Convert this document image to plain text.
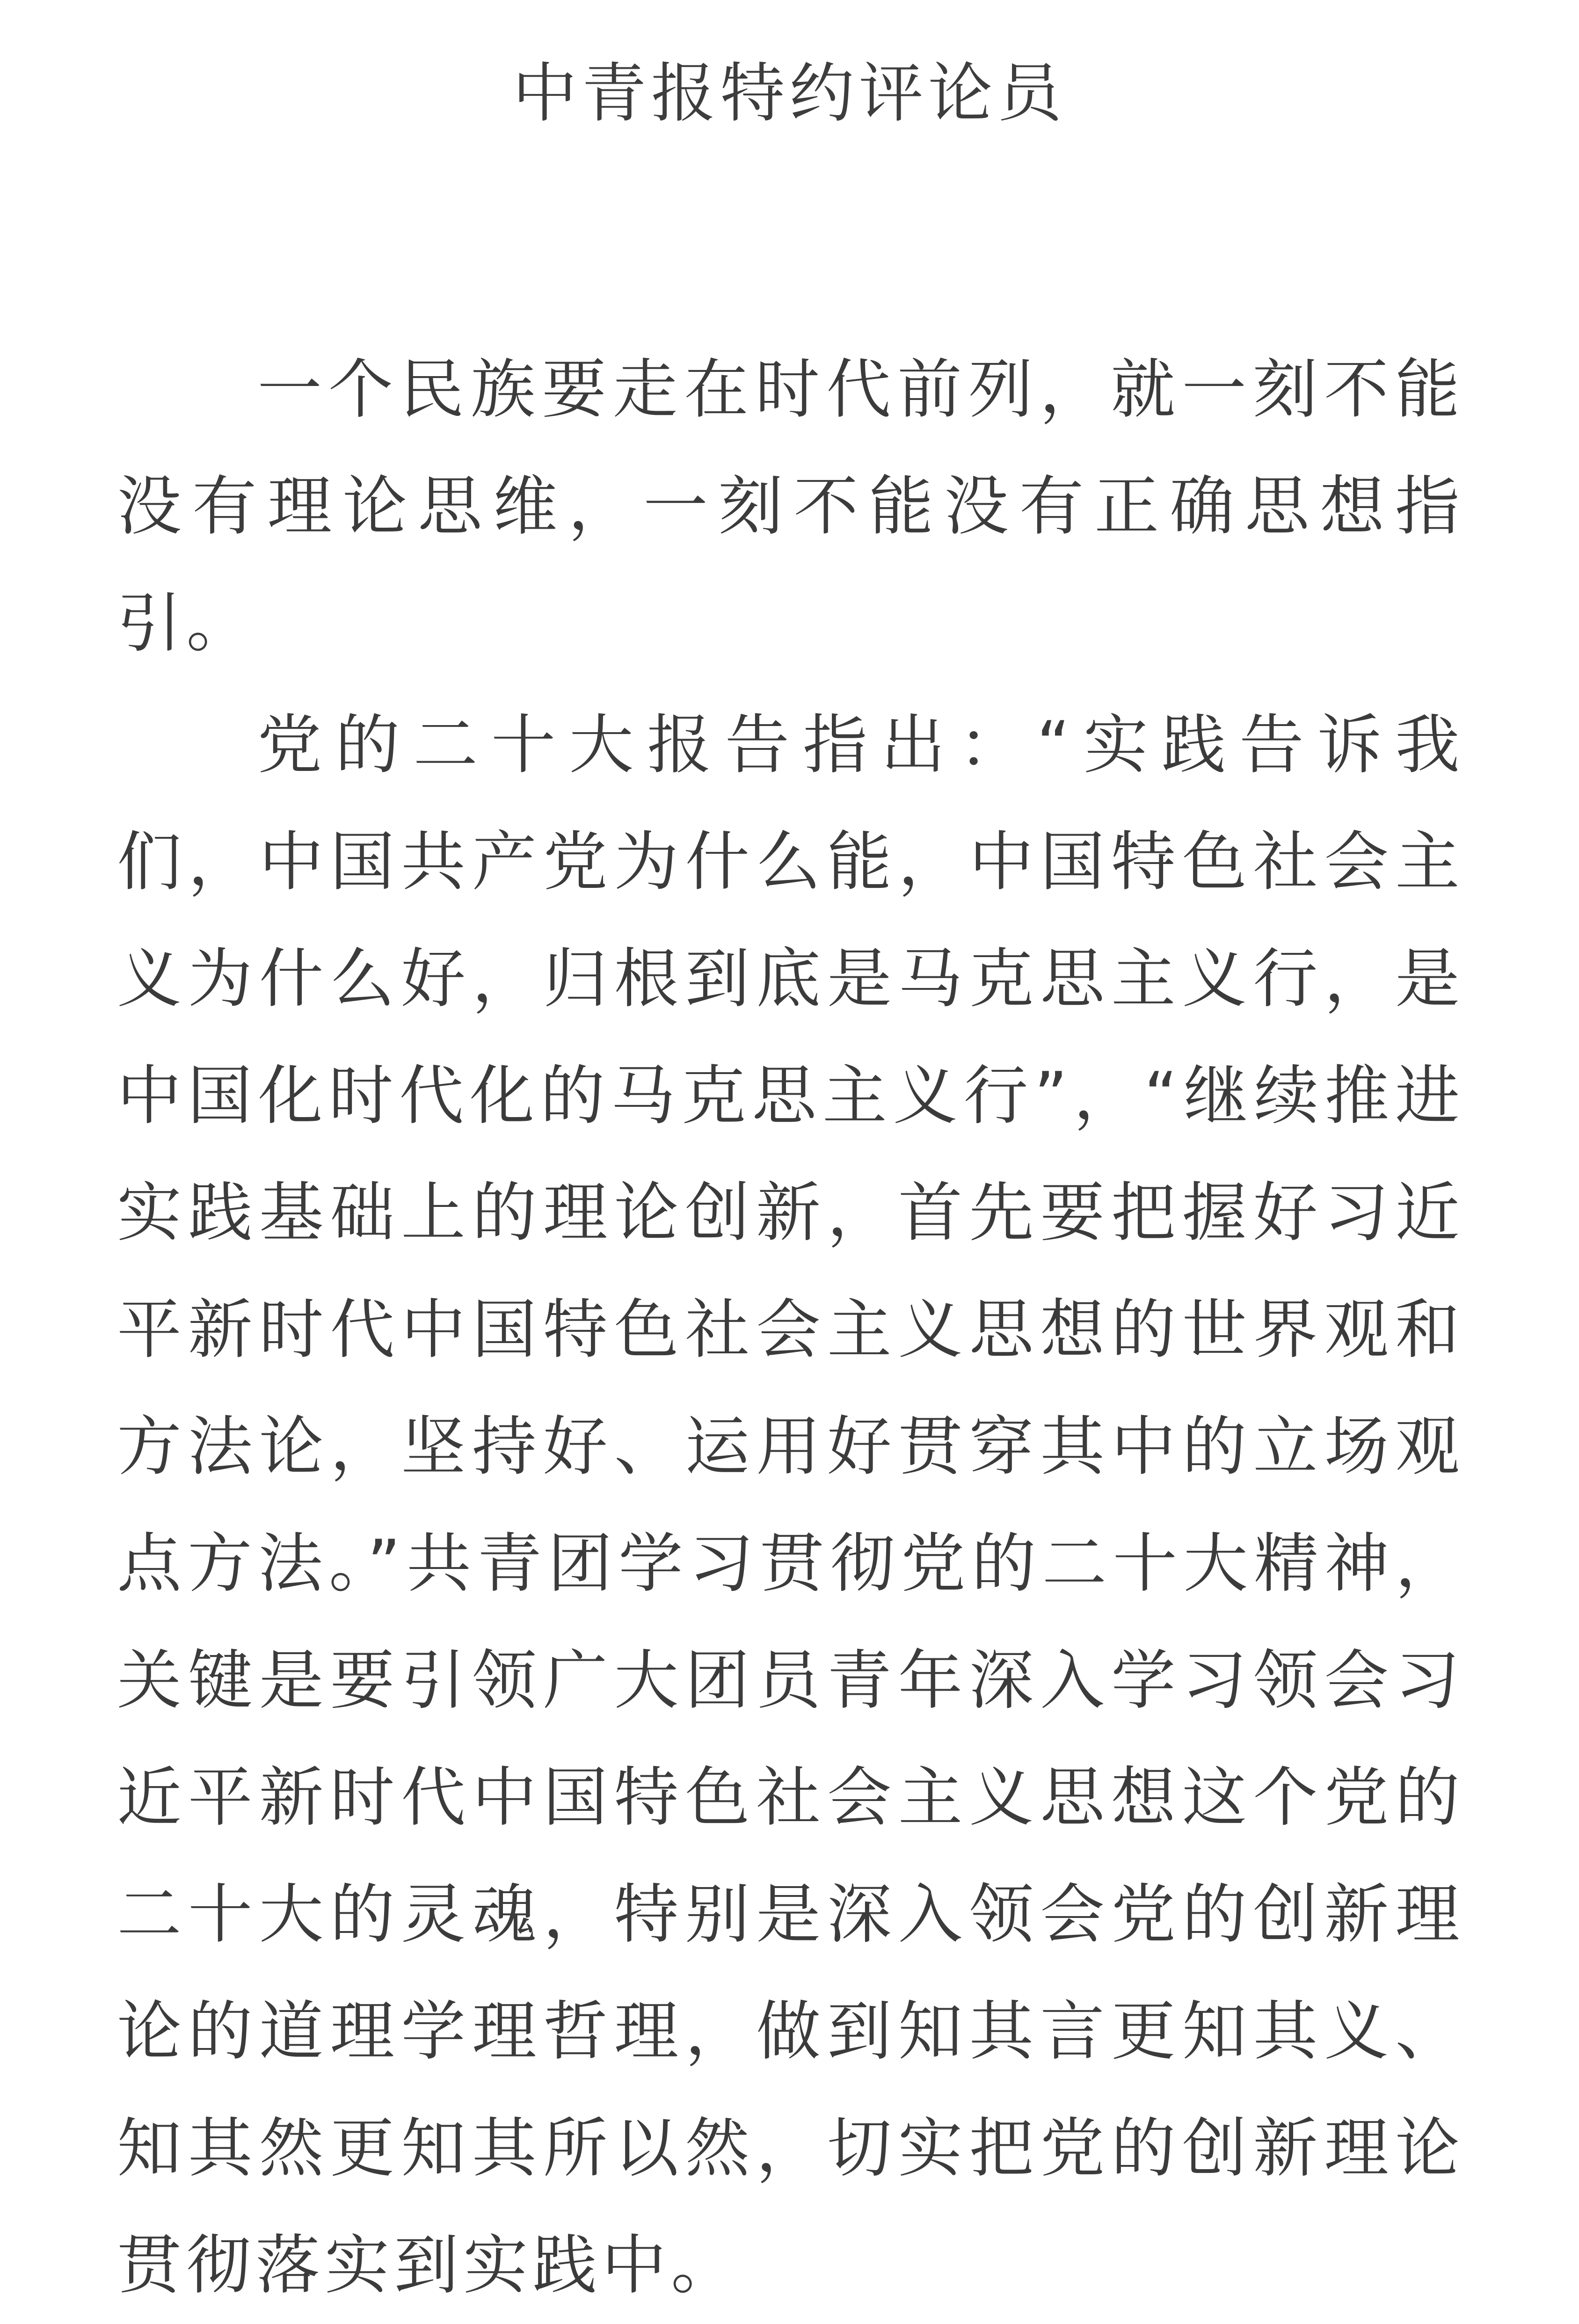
中青报特约评论员

一个民族要走在时代前列，就一刻不能没有理论思维，一刻不能没有正确思想指引。

党的二十大报告指出：“实践告诉我们，中国共产党为什么能，中国特色社会主义为什么好，归根到底是马克思主义行，是中国化时代化的马克思主义行”，“继续推进实践基础上的理论创新，首先要把握好习近平新时代中国特色社会主义思想的世界观和方法论，坚持好、运用好贯穿其中的立场观点方法。”共青团学习贯彻党的二十大精神，关键是要引领广大团员青年深入学习领会习近平新时代中国特色社会主义思想这个党的二十大的灵魂，特别是深入领会党的创新理论的道理学理哲理，做到知其言更知其义、知其然更知其所以然，切实把党的创新理论贯彻落实到实践中。
